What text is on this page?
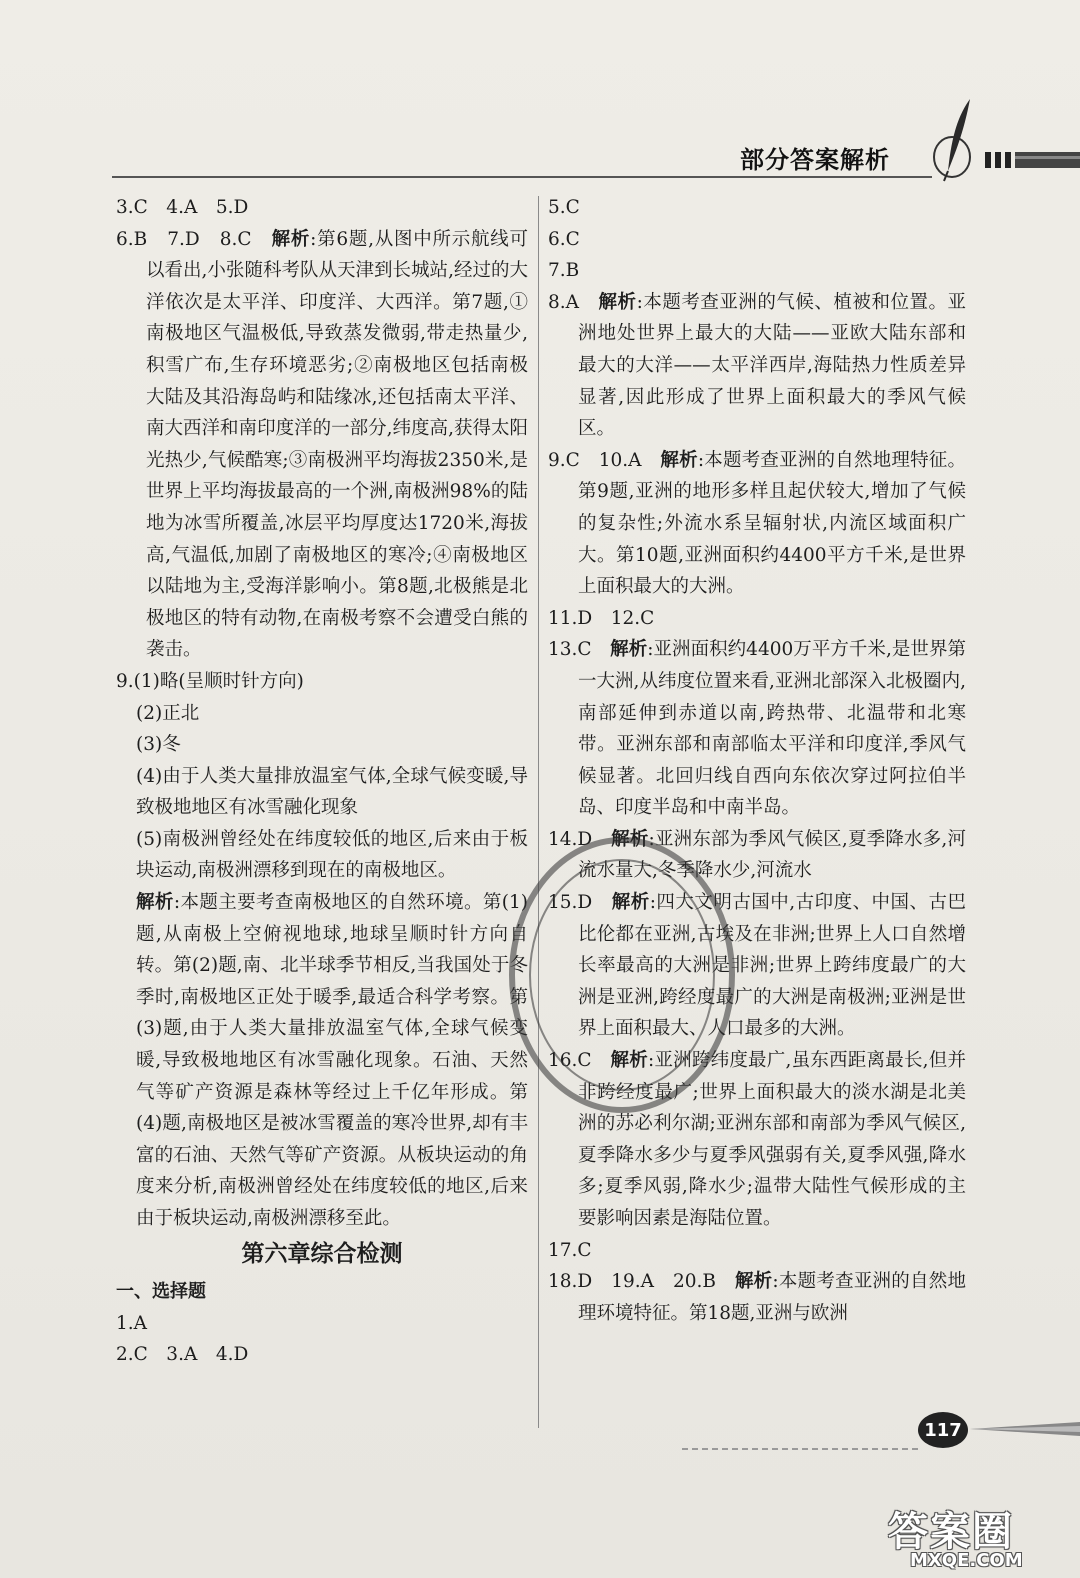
部分答案解析

3.C　4.A　5.D

6.B　7.D　8.C　解析:第6题,从图中所示航线可以看出,小张随科考队从天津到长城站,经过的大洋依次是太平洋、印度洋、大西洋。第7题,①南极地区气温极低,导致蒸发微弱,带走热量少,积雪广布,生存环境恶劣;②南极地区包括南极大陆及其沿海岛屿和陆缘冰,还包括南太平洋、南大西洋和南印度洋的一部分,纬度高,获得太阳光热少,气候酷寒;③南极洲平均海拔2350米,是世界上平均海拔最高的一个洲,南极洲98%的陆地为冰雪所覆盖,冰层平均厚度达1720米,海拔高,气温低,加剧了南极地区的寒冷;④南极地区以陆地为主,受海洋影响小。第8题,北极熊是北极地区的特有动物,在南极考察不会遭受白熊的袭击。

9.(1)略(呈顺时针方向)

(2)正北

(3)冬

(4)由于人类大量排放温室气体,全球气候变暖,导致极地地区有冰雪融化现象

(5)南极洲曾经处在纬度较低的地区,后来由于板块运动,南极洲漂移到现在的南极地区。

解析:本题主要考查南极地区的自然环境。第(1)题,从南极上空俯视地球,地球呈顺时针方向自转。第(2)题,南、北半球季节相反,当我国处于冬季时,南极地区正处于暖季,最适合科学考察。第(3)题,由于人类大量排放温室气体,全球气候变暖,导致极地地区有冰雪融化现象。石油、天然气等矿产资源是森林等经过上千亿年形成。第(4)题,南极地区是被冰雪覆盖的寒冷世界,却有丰富的石油、天然气等矿产资源。从板块运动的角度来分析,南极洲曾经处在纬度较低的地区,后来由于板块运动,南极洲漂移至此。

第六章综合检测
一、选择题

1.A

2.C　3.A　4.D

5.C

6.C

7.B

8.A　解析:本题考查亚洲的气候、植被和位置。亚洲地处世界上最大的大陆——亚欧大陆东部和最大的大洋——太平洋西岸,海陆热力性质差异显著,因此形成了世界上面积最大的季风气候区。

9.C　10.A　解析:本题考查亚洲的自然地理特征。第9题,亚洲的地形多样且起伏较大,增加了气候的复杂性;外流水系呈辐射状,内流区域面积广大。第10题,亚洲面积约4400平方千米,是世界上面积最大的大洲。

11.D　12.C

13.C　解析:亚洲面积约4400万平方千米,是世界第一大洲,从纬度位置来看,亚洲北部深入北极圈内,南部延伸到赤道以南,跨热带、北温带和北寒带。亚洲东部和南部临太平洋和印度洋,季风气候显著。北回归线自西向东依次穿过阿拉伯半岛、印度半岛和中南半岛。

14.D　解析:亚洲东部为季风气候区,夏季降水多,河流水量大,冬季降水少,河流水

15.D　解析:四大文明古国中,古印度、中国、古巴比伦都在亚洲,古埃及在非洲;世界上人口自然增长率最高的大洲是非洲;世界上跨纬度最广的大洲是亚洲,跨经度最广的大洲是南极洲;亚洲是世界上面积最大、人口最多的大洲。

16.C　解析:亚洲跨纬度最广,虽东西距离最长,但并非跨经度最广;世界上面积最大的淡水湖是北美洲的苏必利尔湖;亚洲东部和南部为季风气候区,夏季降水多少与夏季风强弱有关,夏季风强,降水多;夏季风弱,降水少;温带大陆性气候形成的主要影响因素是海陆位置。

17.C

18.D　19.A　20.B　解析:本题考查亚洲的自然地理环境特征。第18题,亚洲与欧洲

117
答案圈
MXQE.COM
